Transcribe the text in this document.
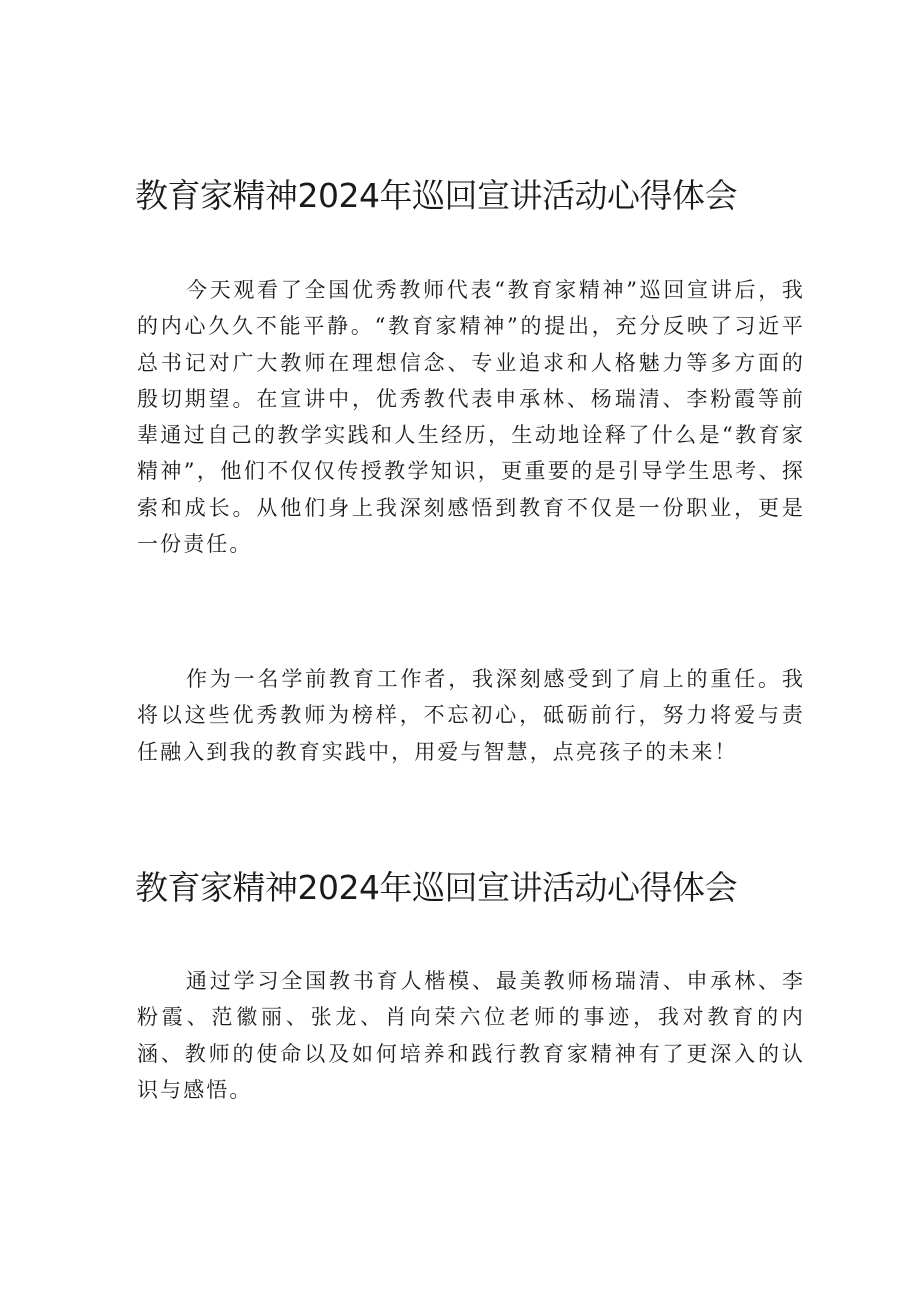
教育家精神2024年巡回宣讲活动心得体会

今天观看了全国优秀教师代表“教育家精神”巡回宣讲后，我的内心久久不能平静。“教育家精神”的提出，充分反映了习近平总书记对广大教师在理想信念、专业追求和人格魅力等多方面的殷切期望。在宣讲中，优秀教代表申承林、杨瑞清、李粉霞等前辈通过自己的教学实践和人生经历，生动地诠释了什么是“教育家精神”，他们不仅仅传授教学知识，更重要的是引导学生思考、探索和成长。从他们身上我深刻感悟到教育不仅是一份职业，更是一份责任。

作为一名学前教育工作者，我深刻感受到了肩上的重任。我将以这些优秀教师为榜样，不忘初心，砥砺前行，努力将爱与责任融入到我的教育实践中，用爱与智慧，点亮孩子的未来！

教育家精神2024年巡回宣讲活动心得体会

通过学习全国教书育人楷模、最美教师杨瑞清、申承林、李粉霞、范徽丽、张龙、肖向荣六位老师的事迹，我对教育的内涵、教师的使命以及如何培养和践行教育家精神有了更深入的认识与感悟。
